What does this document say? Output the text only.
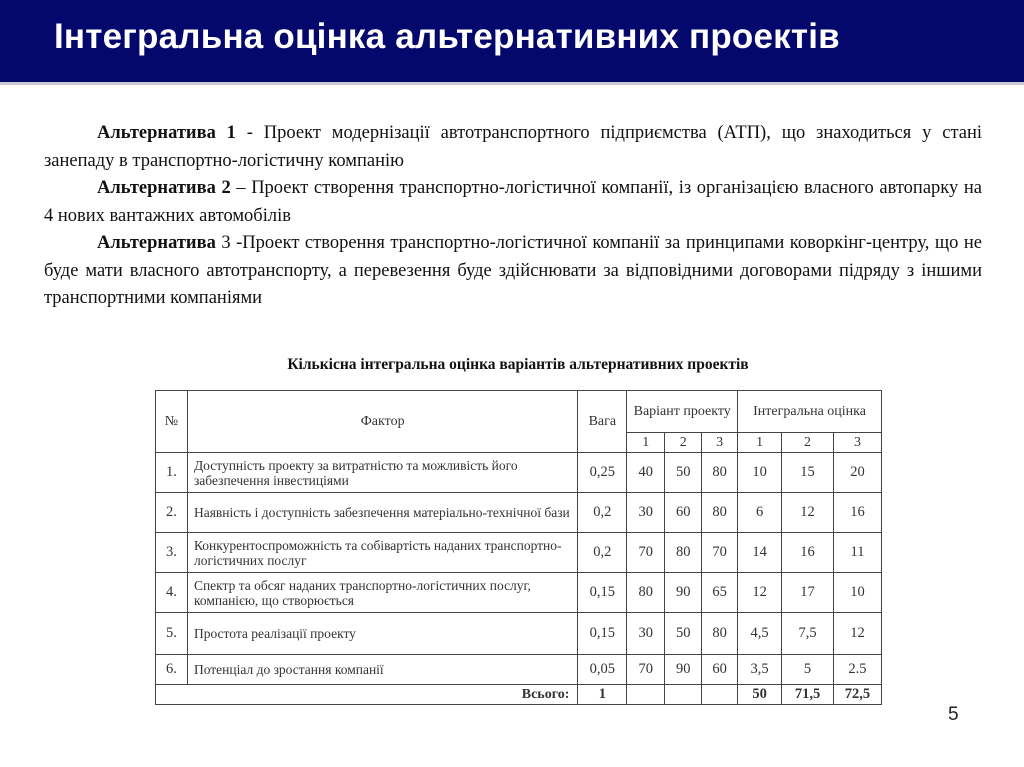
Інтегральна оцінка альтернативних проектів

Альтернатива 1 - Проект модернізації автотранспортного підприємства (АТП), що знаходиться у стані занепаду в транспортно-логістичну компанію

Альтернатива 2 – Проект створення транспортно-логістичної компанії, із організацією власного автопарку на 4 нових вантажних автомобілів

Альтернатива 3 -Проект створення транспортно-логістичної компанії за принципами коворкінг-центру, що не буде мати власного автотранспорту, а перевезення буде здійснювати за відповідними договорами підряду з іншими транспортними компаніями

Кількісна інтегральна оцінка варіантів альтернативних проектів
№	Фактор	Вага	Варіант проекту			Інтегральна оцінка		
			1	2	3	1	2	3
1.	Доступність проекту за витратністю та можливість його забезпечення інвестиціями	0,25	40	50	80	10	15	20
2.	Наявність і доступність забезпечення матеріально-технічної бази	0,2	30	60	80	6	12	16
3.	Конкурентоспроможність та собівартість наданих транспортно-логістичних послуг	0,2	70	80	70	14	16	11
4.	Спектр та обсяг наданих транспортно-логістичних послуг, компанією, що створюється	0,15	80	90	65	12	17	10
5.	Простота реалізації проекту	0,15	30	50	80	4,5	7,5	12
6.	Потенціал до зростання компанії	0,05	70	90	60	3,5	5	2.5
Всього:		1				50	71,5	72,5
5
